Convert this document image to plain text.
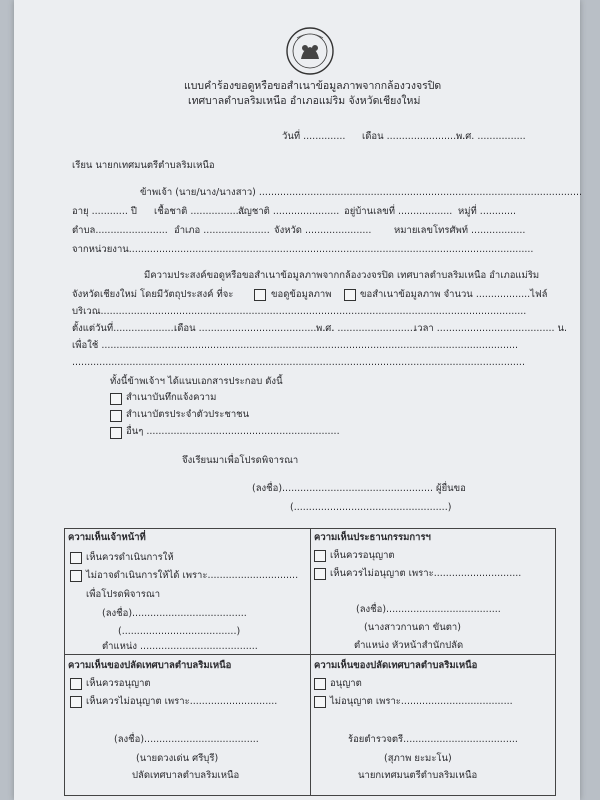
แบบคำร้องขอดูหรือขอสำเนาข้อมูลภาพจากกล้องวงจรปิด
เทศบาลตำบลริมเหนือ อำเภอแม่ริม จังหวัดเชียงใหม่
วันที่ .............. เดือน ...........................
พ.ศ. ................
เรียน นายกเทศมนตรีตำบลริมเหนือ
ข้าพเจ้า (นาย/นาง/นางสาว) ...........................................................................................................
อายุ ............ ปี เชื้อชาติ ..................
สัญชาติ ...................... อยู่บ้านเลขที่ .................. หมู่ที่ ............
ตำบล........................ อำเภอ ...................... จังหวัด ...................... หมายเลขโทรศัพท์ ..................
จากหน่วยงาน......................................................................................................................................
มีความประสงค์ขอดูหรือขอสำเนาข้อมูลภาพจากกล้องวงจรปิด เทศบาลตำบลริมเหนือ อำเภอแม่ริม
จังหวัดเชียงใหม่ โดยมีวัตถุประสงค์ ที่จะ	ขอดูข้อมูลภาพ	ขอสำเนาข้อมูลภาพ จำนวน ..................ไฟล์
บริเวณ.............................................................................................................................................
ตั้งแต่วันที่.....................
เดือน .............................................
พ.ศ. ..........................
เวลา ....................................... น.
เพื่อใช้ ..........................................................................................................................................
......................................................................................................................................................
ทั้งนี้ข้าพเจ้าฯ ได้แนบเอกสารประกอบ ดังนี้
สำเนาบันทึกแจ้งความ
สำเนาบัตรประจำตัวประชาชน
อื่นๆ ................................................................
จึงเรียนมาเพื่อโปรดพิจารณา
(ลงชื่อ).................................................. ผู้ยื่นขอ
(...................................................)
ความเห็นเจ้าหน้าที่
เห็นควรดำเนินการให้
ไม่อาจดำเนินการให้ได้ เพราะ..............................
เพื่อโปรดพิจารณา
(ลงชื่อ)......................................
(......................................)
ตำแหน่ง .......................................
ความเห็นประธานกรรมการฯ
เห็นควรอนุญาต
เห็นควรไม่อนุญาต เพราะ.............................
(ลงชื่อ)......................................
(นางสาวกานดา ขันตา)
ตำแหน่ง หัวหน้าสำนักปลัด
ความเห็นของปลัดเทศบาลตำบลริมเหนือ
เห็นควรอนุญาต
เห็นควรไม่อนุญาต เพราะ.............................
(ลงชื่อ)......................................
(นายดวงเด่น ศรีบุรี)
ปลัดเทศบาลตำบลริมเหนือ
ความเห็นของปลัดเทศบาลตำบลริมเหนือ
อนุญาต
ไม่อนุญาต เพราะ.....................................
ร้อยตำรวจตรี......................................
(สุภาพ ยะมะโน)
นายกเทศมนตรีตำบลริมเหนือ
